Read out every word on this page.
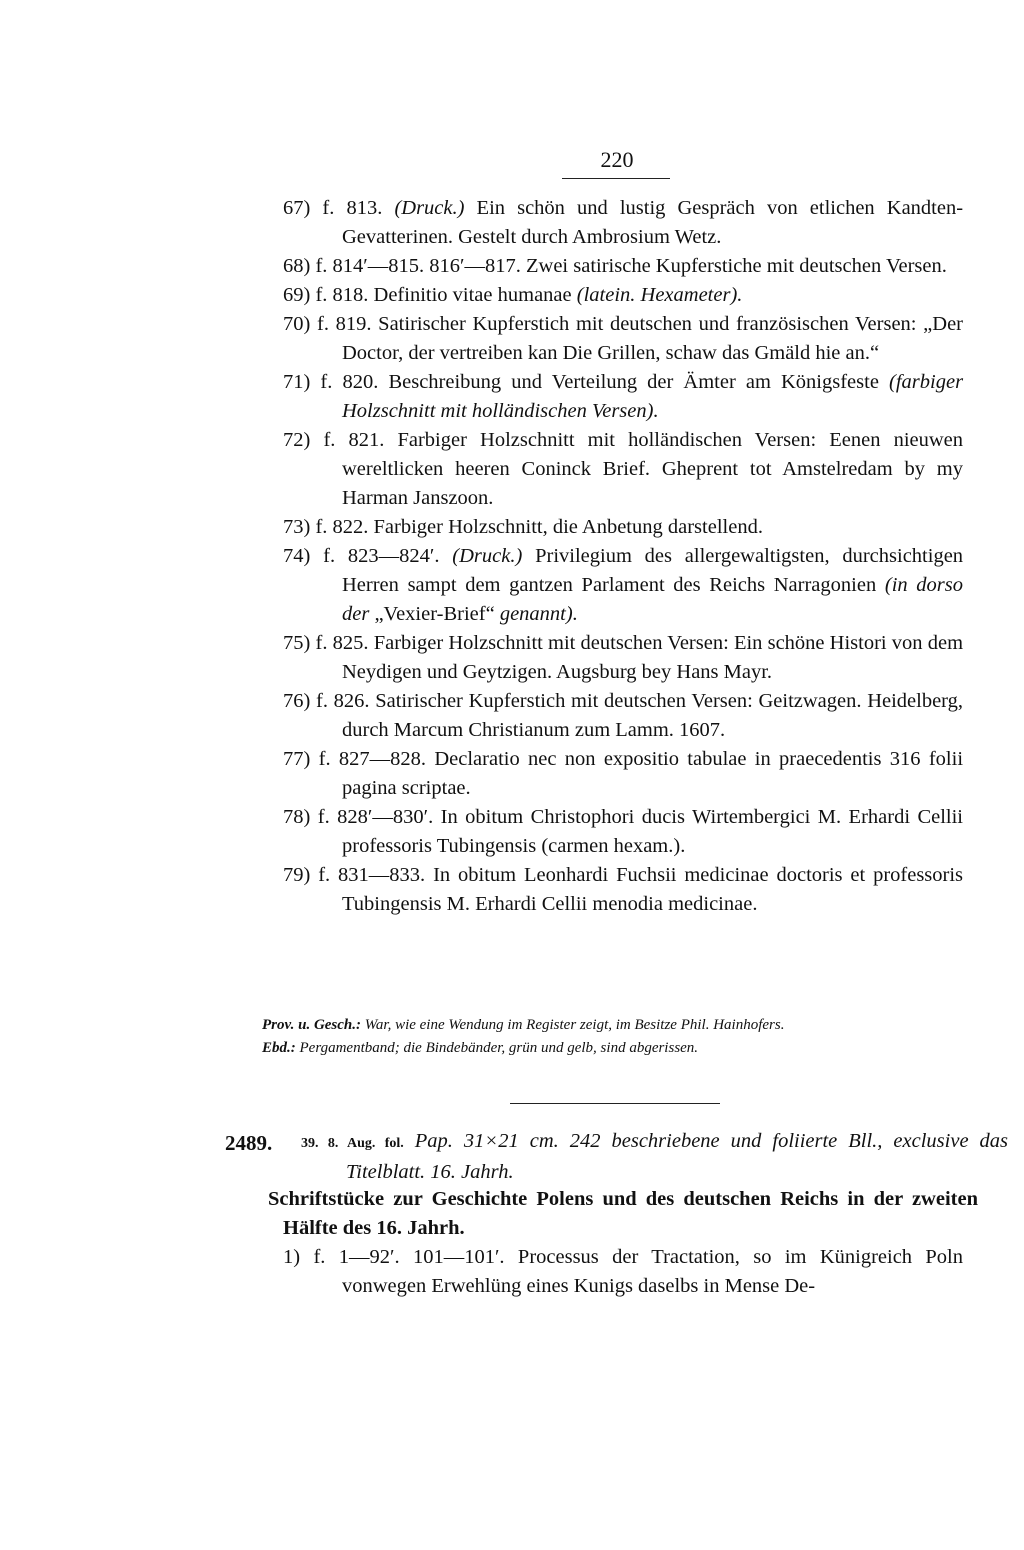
220
67) f. 813. (Druck.) Ein schön und lustig Gespräch von etlichen Kandten-Gevatterinen. Gestelt durch Ambrosium Wetz.
68) f. 814′—815. 816′—817. Zwei satirische Kupferstiche mit deutschen Versen.
69) f. 818. Definitio vitae humanae (latein. Hexameter).
70) f. 819. Satirischer Kupferstich mit deutschen und französischen Versen: „Der Doctor, der vertreiben kan Die Grillen, schaw das Gmäld hie an.“
71) f. 820. Beschreibung und Verteilung der Ämter am Königsfeste (farbiger Holzschnitt mit holländischen Versen).
72) f. 821. Farbiger Holzschnitt mit holländischen Versen: Eenen nieuwen wereltlicken heeren Coninck Brief. Gheprent tot Amstelredam by my Harman Janszoon.
73) f. 822. Farbiger Holzschnitt, die Anbetung darstellend.
74) f. 823—824′. (Druck.) Privilegium des allergewaltigsten, durchsichtigen Herren sampt dem gantzen Parlament des Reichs Narragonien (in dorso der „Vexier-Brief“ genannt).
75) f. 825. Farbiger Holzschnitt mit deutschen Versen: Ein schöne Histori von dem Neydigen und Geytzigen. Augsburg bey Hans Mayr.
76) f. 826. Satirischer Kupferstich mit deutschen Versen: Geitzwagen. Heidelberg, durch Marcum Christianum zum Lamm. 1607.
77) f. 827—828. Declaratio nec non expositio tabulae in praecedentis 316 folii pagina scriptae.
78) f. 828′—830′. In obitum Christophori ducis Wirtembergici M. Erhardi Cellii professoris Tubingensis (carmen hexam.).
79) f. 831—833. In obitum Leonhardi Fuchsii medicinae doctoris et professoris Tubingensis M. Erhardi Cellii menodia medicinae.
Prov. u. Gesch.: War, wie eine Wendung im Register zeigt, im Besitze Phil. Hainhofers.
Ebd.: Pergamentband; die Bindebänder, grün und gelb, sind abgerissen.
2489. 39. 8. Aug. fol. Pap. 31×21 cm. 242 beschriebene und foliierte Bll., exclusive das Titelblatt. 16. Jahrh.
Schriftstücke zur Geschichte Polens und des deutschen Reichs in der zweiten Hälfte des 16. Jahrh.
1) f. 1—92′. 101—101′. Processus der Tractation, so im Künigreich Poln vonwegen Erwehlüng eines Kunigs daselbs in Mense De-
